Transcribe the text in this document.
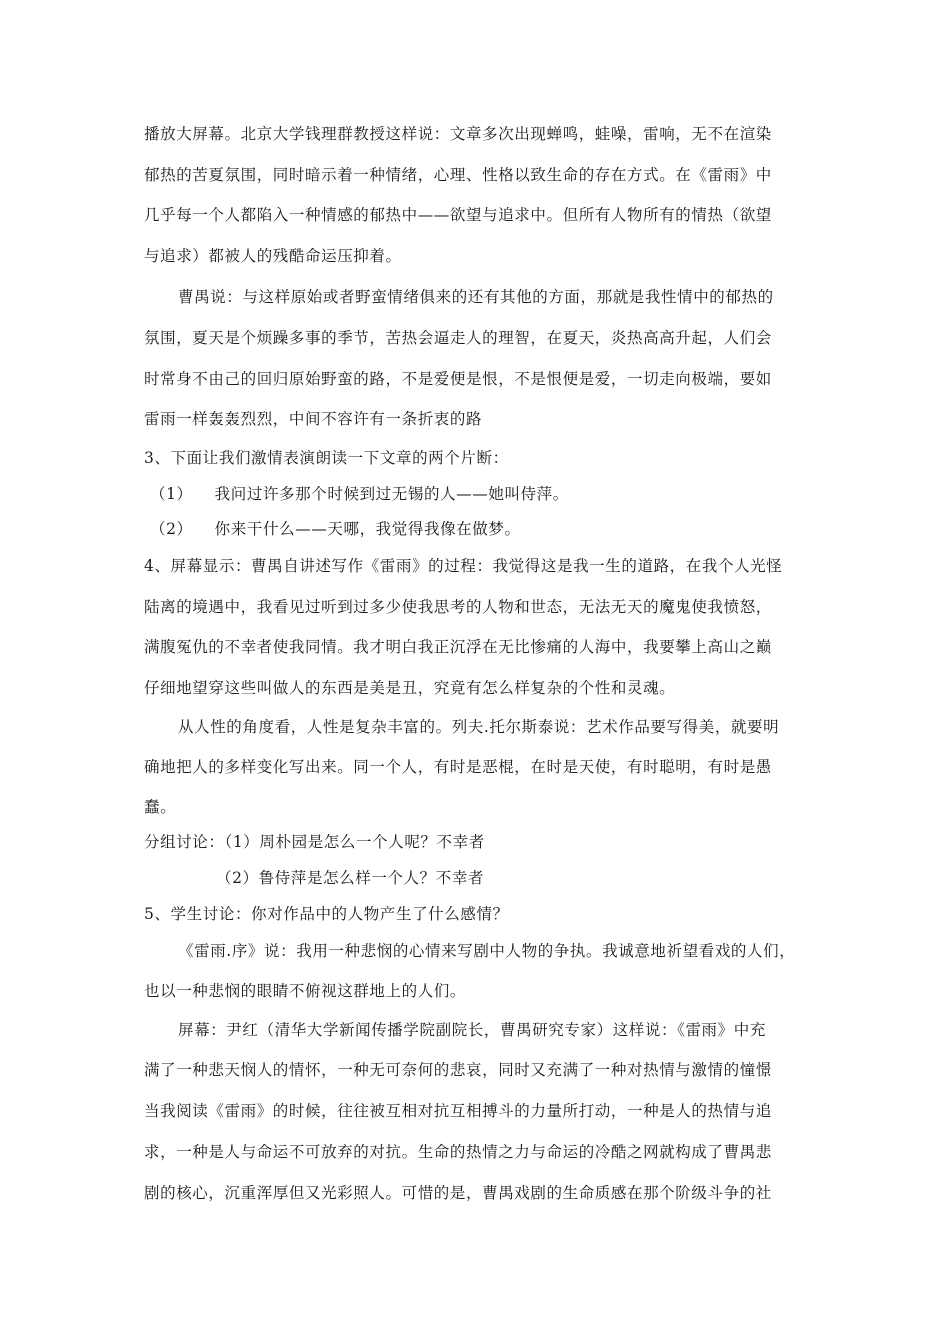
播放大屏幕。北京大学钱理群教授这样说：文章多次出现蝉鸣，蛙噪，雷响，无不在渲染
郁热的苦夏氛围，同时暗示着一种情绪，心理、性格以致生命的存在方式。在《雷雨》中
几乎每一个人都陷入一种情感的郁热中——欲望与追求中。但所有人物所有的情热（欲望
与追求）都被人的残酷命运压抑着。
曹禺说：与这样原始或者野蛮情绪俱来的还有其他的方面，那就是我性情中的郁热的
氛围，夏天是个烦躁多事的季节，苦热会逼走人的理智，在夏天，炎热高高升起，人们会
时常身不由己的回归原始野蛮的路，不是爱便是恨，不是恨便是爱，一切走向极端，要如
雷雨一样轰轰烈烈，中间不容许有一条折衷的路
3、下面让我们激情表演朗读一下文章的两个片断：
（1） 我问过许多那个时候到过无锡的人——她叫侍萍。
（2） 你来干什么——天哪，我觉得我像在做梦。
4、屏幕显示：曹禺自讲述写作《雷雨》的过程：我觉得这是我一生的道路，在我个人光怪
陆离的境遇中，我看见过听到过多少使我思考的人物和世态，无法无天的魔鬼使我愤怒，
满腹冤仇的不幸者使我同情。我才明白我正沉浮在无比惨痛的人海中，我要攀上高山之巅
仔细地望穿这些叫做人的东西是美是丑，究竟有怎么样复杂的个性和灵魂。
从人性的角度看，人性是复杂丰富的。列夫.托尔斯泰说：艺术作品要写得美，就要明
确地把人的多样变化写出来。同一个人，有时是恶棍，在时是天使，有时聪明，有时是愚
蠢。
分组讨论：（1）周朴园是怎么一个人呢？不幸者
（2）鲁侍萍是怎么样一个人？不幸者
5、学生讨论：你对作品中的人物产生了什么感情？
《雷雨.序》说：我用一种悲悯的心情来写剧中人物的争执。我诚意地祈望看戏的人们，
也以一种悲悯的眼睛不俯视这群地上的人们。
屏幕：尹红（清华大学新闻传播学院副院长，曹禺研究专家）这样说：《雷雨》中充
满了一种悲天悯人的情怀，一种无可奈何的悲哀，同时又充满了一种对热情与激情的憧憬
当我阅读《雷雨》的时候，往往被互相对抗互相搏斗的力量所打动，一种是人的热情与追
求，一种是人与命运不可放弃的对抗。生命的热情之力与命运的冷酷之网就构成了曹禺悲
剧的核心，沉重浑厚但又光彩照人。可惜的是，曹禺戏剧的生命质感在那个阶级斗争的社
